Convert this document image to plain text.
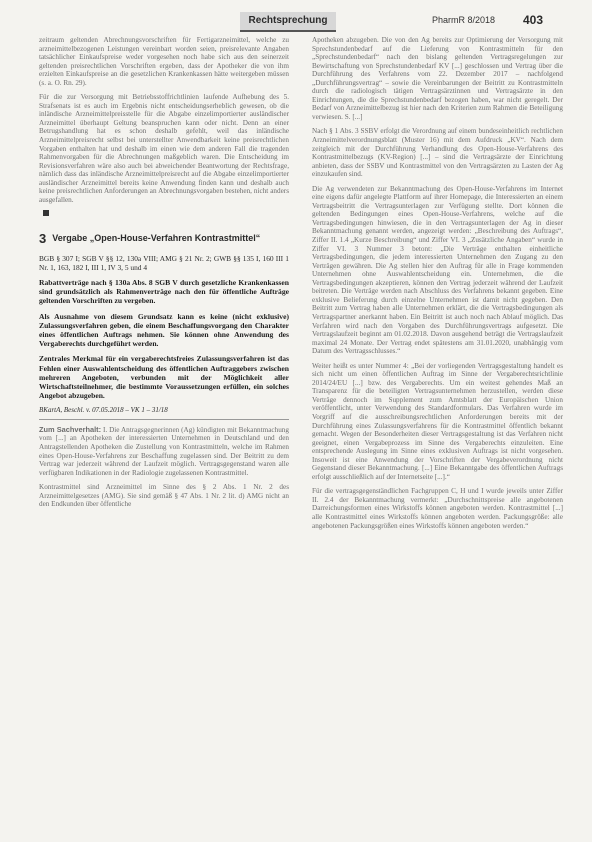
Rechtsprechung	PharmR 8/2018 403

zeitraum geltenden Abrechnungsvorschriften für Fertigarzneimittel, welche zu arzneimittelbezogenen Leistungen vereinbart worden seien, preisrelevante Angaben tatsächlicher Einkaufspreise weder vorgesehen noch habe sich aus den seinerzeit geltenden preisrechtlichen Vorschriften ergeben, dass der Apotheker die von ihm erzielten Einkaufspreise an die gesetzlichen Krankenkassen hätte weitergeben müssen (s. a. O. Rn. 29).

Für die zur Versorgung mit Betriebsstoffrichtlinien laufende Aufhebung des 5. Strafsenats ist es auch im Ergebnis nicht entscheidungserheblich gewesen, ob die inländische Arzneimittelpreisstelle für die Abgabe einzelimportierter ausländischer Arzneimittel überhaupt Geltung beanspruchen kann oder nicht. Denn an einer Betrugshandlung hat es schon deshalb gefehlt, weil das inländische Arzneimittelpreisrecht selbst bei unterstellter Anwendbarkeit keine preisrechtlichen Vorgaben enthalten hat und deshalb im einen wie dem anderen Fall die tragenden Rahmenvorgaben für die Abrechnungen maßgeblich waren. Die Entscheidung im Revisionsverfahren wäre also auch bei abweichender Beantwortung der Rechtsfrage, nämlich dass das inländische Arzneimittelpreisrecht auf die Abgabe einzelimportierter ausländischer Arzneimittel bereits keine Anwendung finden kann und deshalb auch keine preisrechtlichen Anforderungen an Abrechnungsvorgaben bestehen, nicht anders ausgefallen.

3 Vergabe „Open-House-Verfahren Kontrastmittel“

BGB § 307 I; SGB V §§ 12, 130a VIII; AMG § 21 Nr. 2; GWB §§ 135 I, 160 III 1 Nr. 1, 163, 182 I, III 1, IV 3, 5 und 4

Rabattverträge nach § 130a Abs. 8 SGB V durch gesetzliche Krankenkassen sind grundsätzlich als Rahmenverträge nach den für öffentliche Aufträge geltenden Vorschriften zu vergeben.

Als Ausnahme von diesem Grundsatz kann es keine (nicht exklusive) Zulassungsverfahren geben, die einem Beschaffungsvorgang den Charakter eines öffentlichen Auftrags nehmen. Sie können ohne Anwendung des Vergaberechts durchgeführt werden.

Zentrales Merkmal für ein vergaberechtsfreies Zulassungsverfahren ist das Fehlen einer Auswahlentscheidung des öffentlichen Auftraggebers zwischen mehreren Angeboten, verbunden mit der Möglichkeit aller Wirtschaftsteilnehmer, die bestimmte Voraussetzungen erfüllen, ein solches Angebot abzugeben.

BKartA, Beschl. v. 07.05.2018 – VK 1 – 31/18

Zum Sachverhalt: I. Die Antragsgegnerinnen (Ag) kündigten mit Bekanntmachung vom [...] an Apotheken der interessierten Unternehmen in Deutschland und den Antragstellenden Apotheken die Zustellung von Kontrastmitteln, welche im Rahmen eines Open-House-Verfahrens zur Beschaffung zugelassen sind. Der Beitritt zu dem Vertrag war jederzeit während der Laufzeit möglich. Vertragsgegenstand waren alle verfügbaren Indikationen in der Radiologie zugelassenen Kontrastmittel.

Kontrastmittel sind Arzneimittel im Sinne des § 2 Abs. 1 Nr. 2 des Arzneimittelgesetzes (AMG). Sie sind gemäß § 47 Abs. 1 Nr. 2 lit. d) AMG nicht an den Endkunden über öffentliche

Apotheken abzugeben. Die von den Ag bereits zur Optimierung der Versorgung mit Sprechstundenbedarf auf die Lieferung von Kontrastmitteln für den „Sprechstundenbedarf“ nach den bislang geltenden Vertragsregelungen zur Bewirtschaftung von Sprechstundenbedarf KV [...] geschlossen und Vertrag über die Durchführung des Verfahrens vom 22. Dezember 2017 – nachfolgend „Durchführungsvertrag“ – sowie die Vereinbarungen der Beitritt zu Kontrastmitteln durch die radiologisch tätigen Vertragsärztinnen und Vertragsärzte in den Einrichtungen, die die Sprechstundenbedarf bezogen haben, war nicht geregelt. Der Bedarf von Arzneimittelbezug ist hier nach den Kriterien zum Rahmen die Beteiligung verwiesen. S. [...]

Nach § 1 Abs. 3 SSBV erfolgt die Verordnung auf einem bundeseinheitlich rechtlichen Arzneimittelverordnungsblatt (Muster 16) mit dem Aufdruck „KV“. Nach dem zeitgleich mit der Durchführung Verhandlung des Open-House-Verfahrens des Kontrastmittelbezugs (KV-Region) [...] – sind die Vertragsärzte der Einrichtung anbieten, dass der SSBV und Kontrastmittel von den Vertragsärzten zu Lasten der Ag einzukaufen sind.

Die Ag verwendeten zur Bekanntmachung des Open-House-Verfahrens im Internet eine eigens dafür angelegte Plattform auf ihrer Homepage, die Interessierten an einem Vertragsbeitritt die Vertragsunterlagen zur Verfügung stellte. Dort können die geltenden Bedingungen eines Open-House-Verfahrens, welche auf die Vertragsbedingungen hinwiesen, die in den Vertragsunterlagen der Ag in dieser Bekanntmachung genannt werden, angezeigt werden: „Beschreibung des Auftrags“, Ziffer II. 1.4 „Kurze Beschreibung“ und Ziffer VI. 3 „Zusätzliche Angaben“ wurde in Ziffer VI. 3 Nummer 3 betont: „Die Verträge enthalten einheitliche Vertragsbedingungen, die jedem interessierten Unternehmen den Zugang zu den Verträgen gewähren. Die Ag stellen hier den Auftrag für alle in Frage kommenden Unternehmen ohne Auswahlentscheidung ein. Unternehmen, die die Vertragsbedingungen akzeptieren, können den Vertrag jederzeit während der Laufzeit beitreten. Die Verträge werden nach Abschluss des Verfahrens bekannt gegeben. Eine exklusive Belieferung durch einzelne Unternehmen ist damit nicht gegeben. Den Beitritt zum Vertrag haben alle Unternehmen erklärt, die die Vertragsbedingungen als Vertragspartner anerkannt haben. Ein Beitritt ist auch noch nach Ablauf möglich. Das Verfahren wird nach den Vorgaben des Durchführungsvertrags aufgesetzt. Die Vertragslaufzeit beginnt am 01.02.2018. Davon ausgehend beträgt die Vertragslaufzeit maximal 24 Monate. Der Vertrag endet spätestens am 31.01.2020, unabhängig vom Datum des Vertragsschlusses.“

Weiter heißt es unter Nummer 4: „Bei der vorliegenden Vertragsgestaltung handelt es sich nicht um einen öffentlichen Auftrag im Sinne der Vergaberechtsrichtlinie 2014/24/EU [...] bzw. des Vergaberechts. Um ein weitest gehendes Maß an Transparenz für die beteiligten Vertragsunternehmen herzustellen, werden diese Verträge dennoch im Supplement zum Amtsblatt der Europäischen Union veröffentlicht, unter Verwendung des Standardformulars. Das Verfahren wurde im Vorgriff auf die ausschreibungsrechtlichen Anforderungen bereits mit der Durchführung eines Zulassungsverfahrens für die Kontrastmittel öffentlich bekannt gemacht. Wegen der Besonderheiten dieser Vertragsgestaltung ist das Verfahren nicht geeignet, einen Vergabeprozess im Sinne des Vergaberechts einzuleiten. Eine entsprechende Auslegung im Sinne eines exklusiven Auftrags ist nicht vorgesehen. Insoweit ist eine Anwendung der Vorschriften der Vergabeverordnung nicht Gegenstand dieser Bekanntmachung. [...] Eine Bekanntgabe des öffentlichen Auftrags erfolgt ausschließlich auf der Internetseite [...].“

Für die vertragsgegenständlichen Fachgruppen C, H und I wurde jeweils unter Ziffer II. 2.4 der Bekanntmachung vermerkt: „Durchschnittspreise alle angebotenen Darreichungsformen eines Wirkstoffs können angeboten werden. Kontrastmittel [...] alle Kontrastmittel eines Wirkstoffs können angeboten werden. Packungsgröße: alle angebotenen Packungsgrößen eines Wirkstoffs können angeboten werden.“
